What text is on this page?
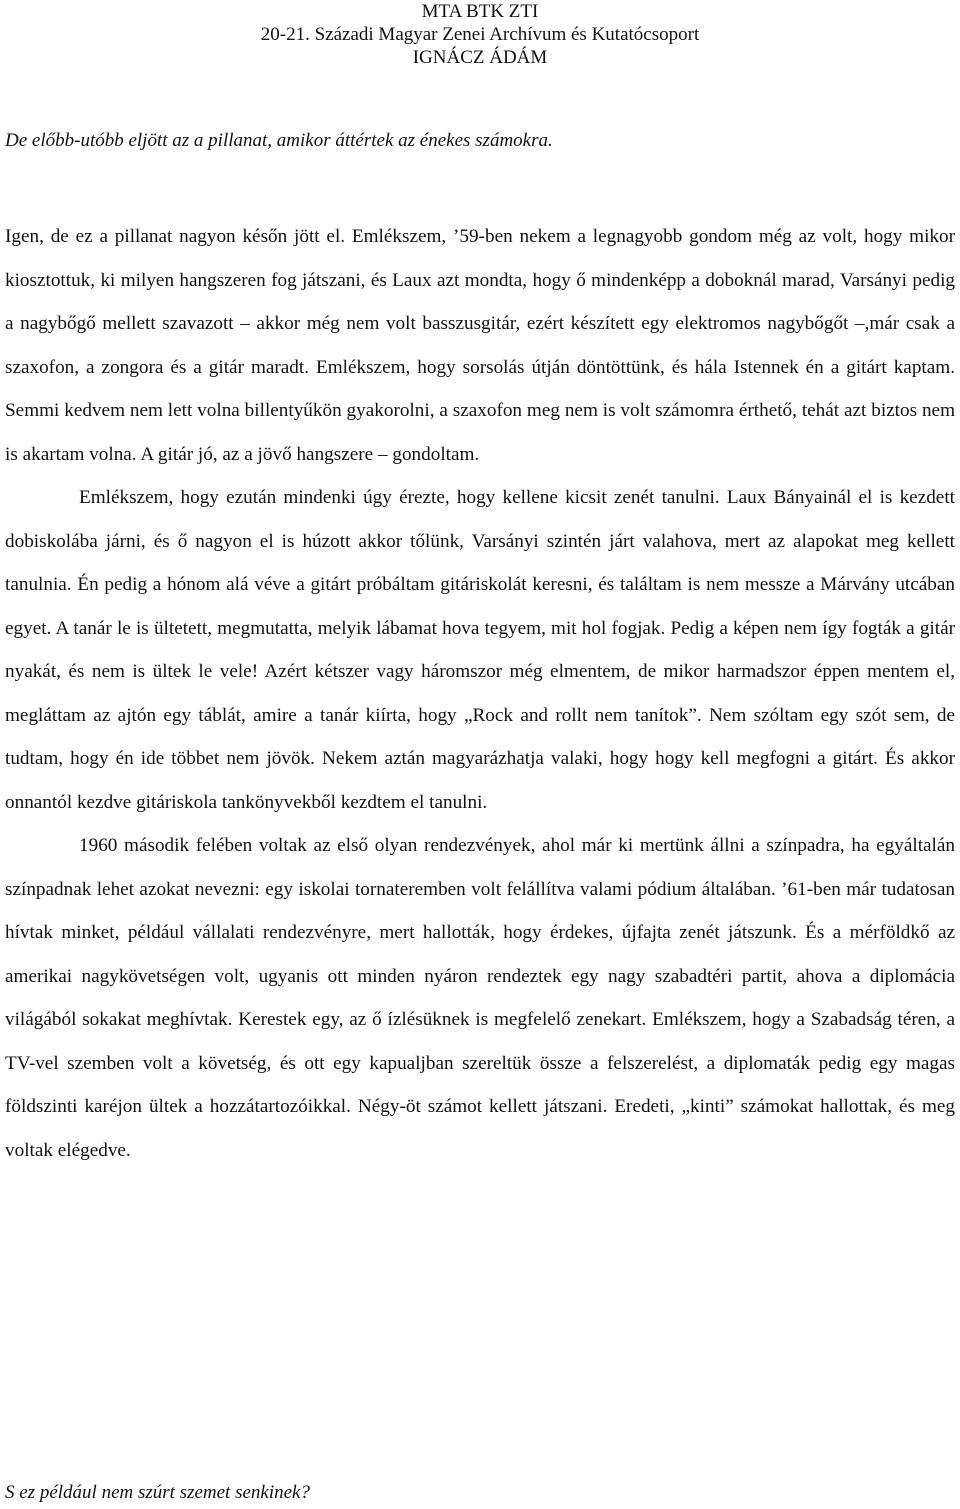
MTA BTK ZTI
20-21. Századi Magyar Zenei Archívum és Kutatócsoport
IGNÁCZ ÁDÁM
De előbb-utóbb eljött az a pillanat, amikor áttértek az énekes számokra.

Igen, de ez a pillanat nagyon későn jött el. Emlékszem, ’59-ben nekem a legnagyobb gondom még az volt, hogy mikor kiosztottuk, ki milyen hangszeren fog játszani, és Laux azt mondta, hogy ő mindenképp a doboknál marad, Varsányi pedig a nagybőgő mellett szavazott – akkor még nem volt basszusgitár, ezért készített egy elektromos nagybőgőt –,már csak a szaxofon, a zongora és a gitár maradt. Emlékszem, hogy sorsolás útján döntöttünk, és hála Istennek én a gitárt kaptam. Semmi kedvem nem lett volna billentyűkön gyakorolni, a szaxofon meg nem is volt számomra érthető, tehát azt biztos nem is akartam volna. A gitár jó, az a jövő hangszere – gondoltam.

Emlékszem, hogy ezután mindenki úgy érezte, hogy kellene kicsit zenét tanulni. Laux Bányainál el is kezdett dobiskolába járni, és ő nagyon el is húzott akkor tőlünk, Varsányi szintén járt valahova, mert az alapokat meg kellett tanulnia. Én pedig a hónom alá véve a gitárt próbáltam gitáriskolát keresni, és találtam is nem messze a Márvány utcában egyet. A tanár le is ültetett, megmutatta, melyik lábamat hova tegyem, mit hol fogjak. Pedig a képen nem így fogták a gitár nyakát, és nem is ültek le vele! Azért kétszer vagy háromszor még elmentem, de mikor harmadszor éppen mentem el, megláttam az ajtón egy táblát, amire a tanár kiírta, hogy „Rock and rollt nem tanítok”. Nem szóltam egy szót sem, de tudtam, hogy én ide többet nem jövök. Nekem aztán magyarázhatja valaki, hogy hogy kell megfogni a gitárt. És akkor onnantól kezdve gitáriskola tankönyvekből kezdtem el tanulni.

1960 második felében voltak az első olyan rendezvények, ahol már ki mertünk állni a színpadra, ha egyáltalán színpadnak lehet azokat nevezni: egy iskolai tornateremben volt felállítva valami pódium általában. ’61-ben már tudatosan hívtak minket, például vállalati rendezvényre, mert hallották, hogy érdekes, újfajta zenét játszunk. És a mérföldkő az amerikai nagykövetségen volt, ugyanis ott minden nyáron rendeztek egy nagy szabadtéri partit, ahova a diplomácia világából sokakat meghívtak. Kerestek egy, az ő ízlésüknek is megfelelő zenekart. Emlékszem, hogy a Szabadság téren, a TV-vel szemben volt a követség, és ott egy kapualjban szereltük össze a felszerelést, a diplomaták pedig egy magas földszinti karéjon ültek a hozzátartozóikkal. Négy-öt számot kellett játszani. Eredeti, „kinti” számokat hallottak, és meg voltak elégedve.

S ez például nem szúrt szemet senkinek?
